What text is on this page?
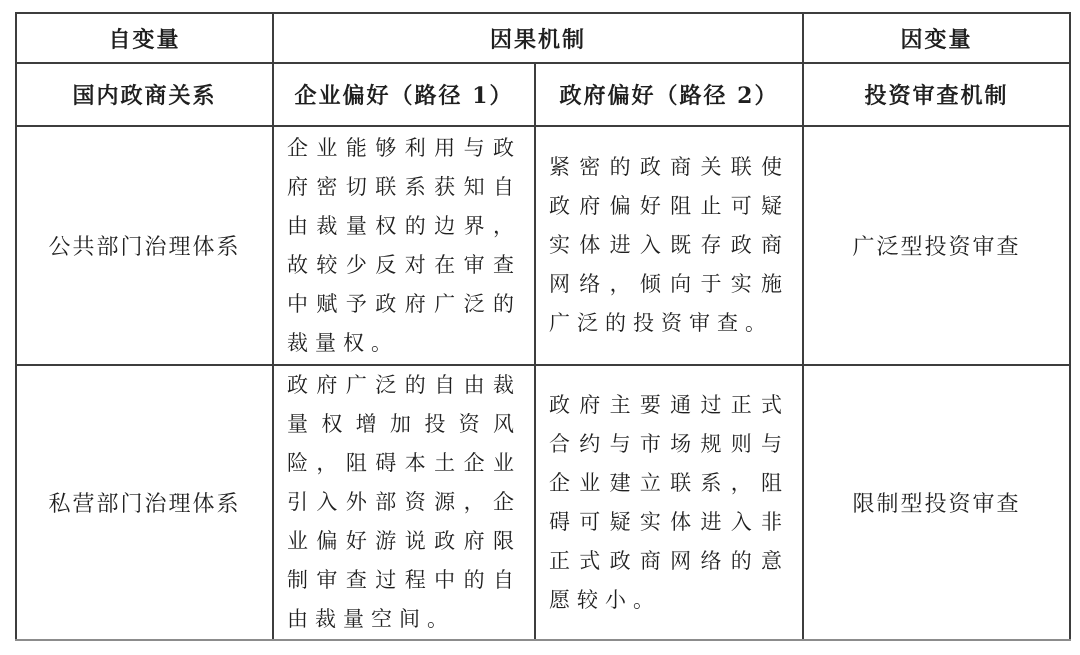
自变量	因果机制		因变量
国内政商关系	企业偏好（路径 1）	政府偏好（路径 2）	投资审查机制
公共部门治理体系	企业能够利用与政府密切联系获知自由裁量权的边界，故较少反对在审查中赋予政府广泛的裁量权。	紧密的政商关联使政府偏好阻止可疑实体进入既存政商网络，倾向于实施广泛的投资审查。	广泛型投资审查
私营部门治理体系	政府广泛的自由裁量权增加投资风险，阻碍本土企业引入外部资源，企业偏好游说政府限制审查过程中的自由裁量空间。	政府主要通过正式合约与市场规则与企业建立联系，阻碍可疑实体进入非正式政商网络的意愿较小。	限制型投资审查
